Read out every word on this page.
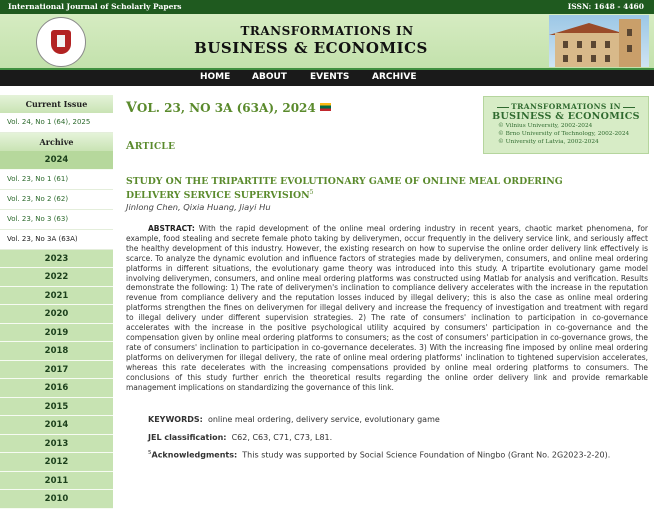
International Journal of Scholarly Papers	ISSN: 1648 - 4460
TRANSFORMATIONS IN
BUSINESS & ECONOMICS
HOME ABOUT	EVENTS	ARCHIVE
Current Issue
Vol. 24, No 1 (64), 2025
Archive
2024
Vol. 23, No 1 (61)
Vol. 23, No 2 (62)
Vol. 23, No 3 (63)
Vol. 23, No 3A (63A)
2023
2022
2021
2020
2019
2018
2017
2016
2015
2014
2013
2012
2011
2010
VOL. 23, NO 3A (63A), 2024	TRANSFORMATIONS IN
BUSINESS & ECONOMICS
© Vilnius University, 2002-2024
© Brno University of Technology, 2002-2024
© University of Latvia, 2002-2024
ARTICLE
STUDY ON THE TRIPARTITE EVOLUTIONARY GAME OF ONLINE MEAL ORDERING DELIVERY SERVICE SUPERVISION$^5$
Jinlong Chen, Qixia Huang, Jiayi Hu
ABSTRACT: With the rapid development of the online meal ordering industry in recent years, chaotic market phenomena, for example, food stealing and secrete female photo taking by deliverymen, occur frequently in the delivery service link, and seriously affect the healthy development of this industry. However, the existing research on how to supervise the online order delivery link effectively is scarce. To analyze the dynamic evolution and influence factors of strategies made by deliverymen, consumers, and online meal ordering platforms in different situations, the evolutionary game theory was introduced into this study. A tripartite evolutionary game model involving deliverymen, consumers, and online meal ordering platforms was constructed using Matlab for analysis and verification. Results demonstrate the following: 1) The rate of deliverymen's inclination to compliance delivery accelerates with the increase in the reputation revenue from compliance delivery and the reputation losses induced by illegal delivery; this is also the case as online meal ordering platforms strengthen the fines on deliverymen for illegal delivery and increase the frequency of investigation and treatment with regard to illegal delivery under different supervision strategies. 2) The rate of consumers' inclination to participation in co-governance accelerates with the increase in the positive psychological utility acquired by consumers' participation in co-governance and the compensation given by online meal ordering platforms to consumers; as the cost of consumers' participation in co-governance grows, the rate of consumers' inclination to participation in co-governance decelerates. 3) With the increasing fine imposed by online meal ordering platforms on deliverymen for illegal delivery, the rate of online meal ordering platforms' inclination to tightened supervision accelerates, whereas this rate decelerates with the increasing compensations provided by online meal ordering platforms to consumers. The conclusions of this study further enrich the theoretical results regarding the online order delivery link and provide remarkable management implications on standardizing the governance of this link.
KEYWORDS: online meal ordering, delivery service, evolutionary game
JEL classification: C62, C63, C71, C73, L81.
$^5$Acknowledgments: This study was supported by Social Science Foundation of Ningbo (Grant No. 2G2023-2-20).
